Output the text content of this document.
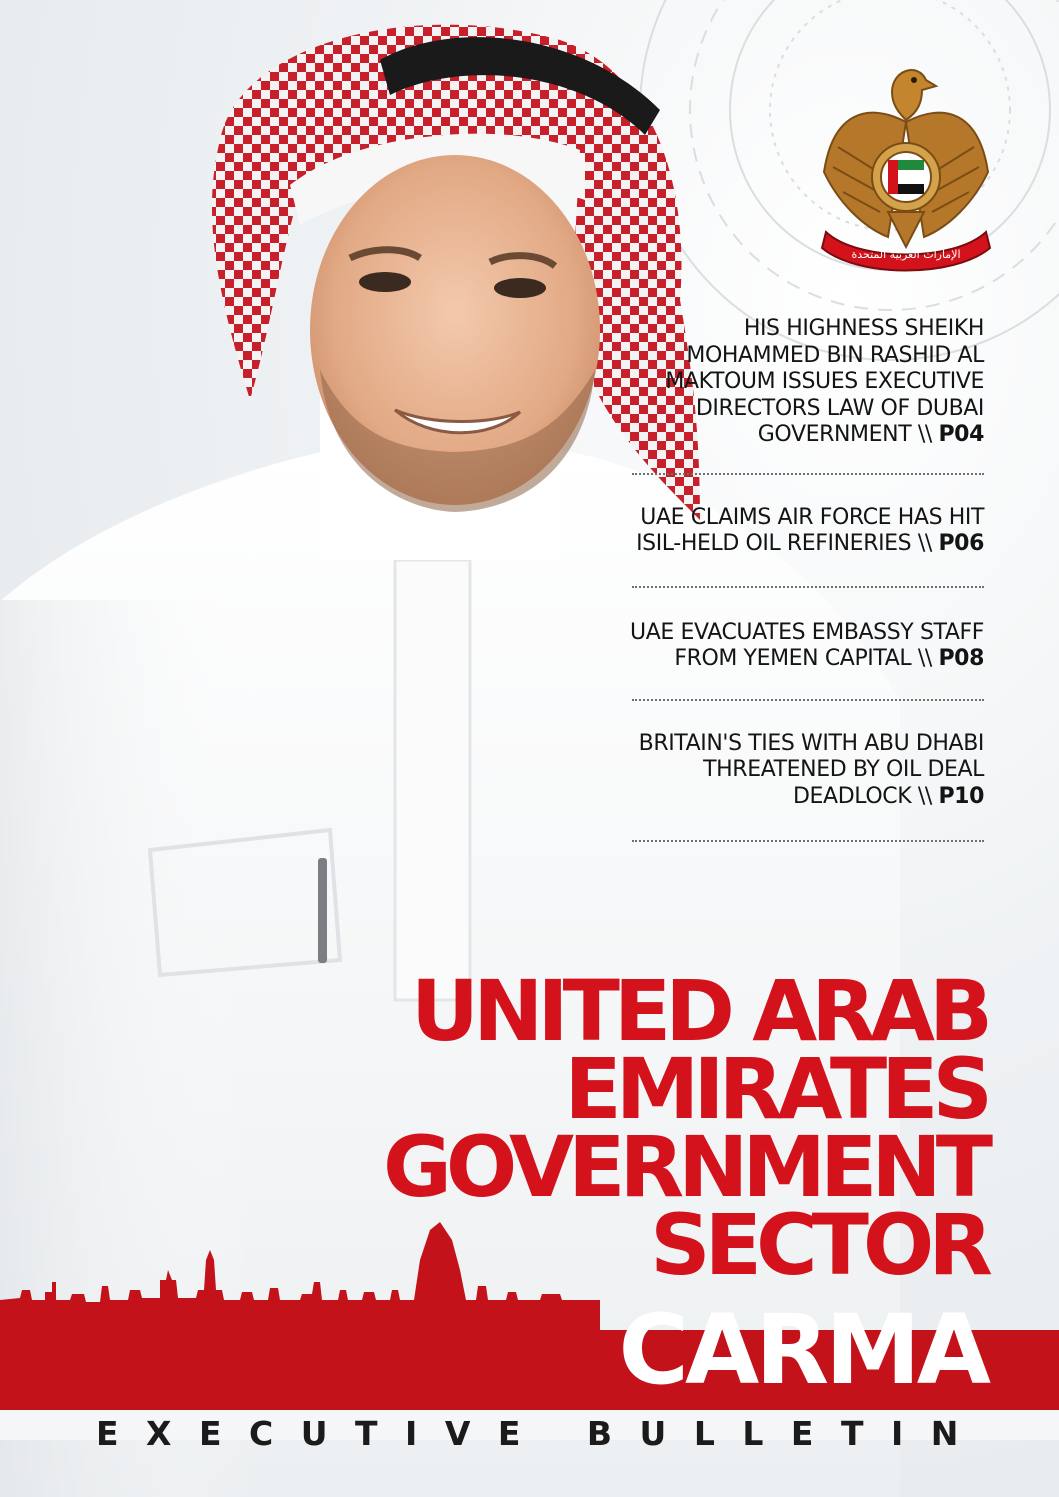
الإمارات العربية المتحدة
HIS HIGHNESS SHEIKH MOHAMMED BIN RASHID AL MAKTOUM ISSUES EXECUTIVE DIRECTORS LAW OF DUBAI GOVERNMENT \\ P04
UAE CLAIMS AIR FORCE HAS HIT ISIL-HELD OIL REFINERIES \\ P06
UAE EVACUATES EMBASSY STAFF FROM YEMEN CAPITAL \\ P08
BRITAIN'S TIES WITH ABU DHABI THREATENED BY OIL DEAL DEADLOCK \\ P10
UNITED ARAB
EMIRATES
GOVERNMENT
SECTOR
CARMA
EXECUTIVE BULLETIN
